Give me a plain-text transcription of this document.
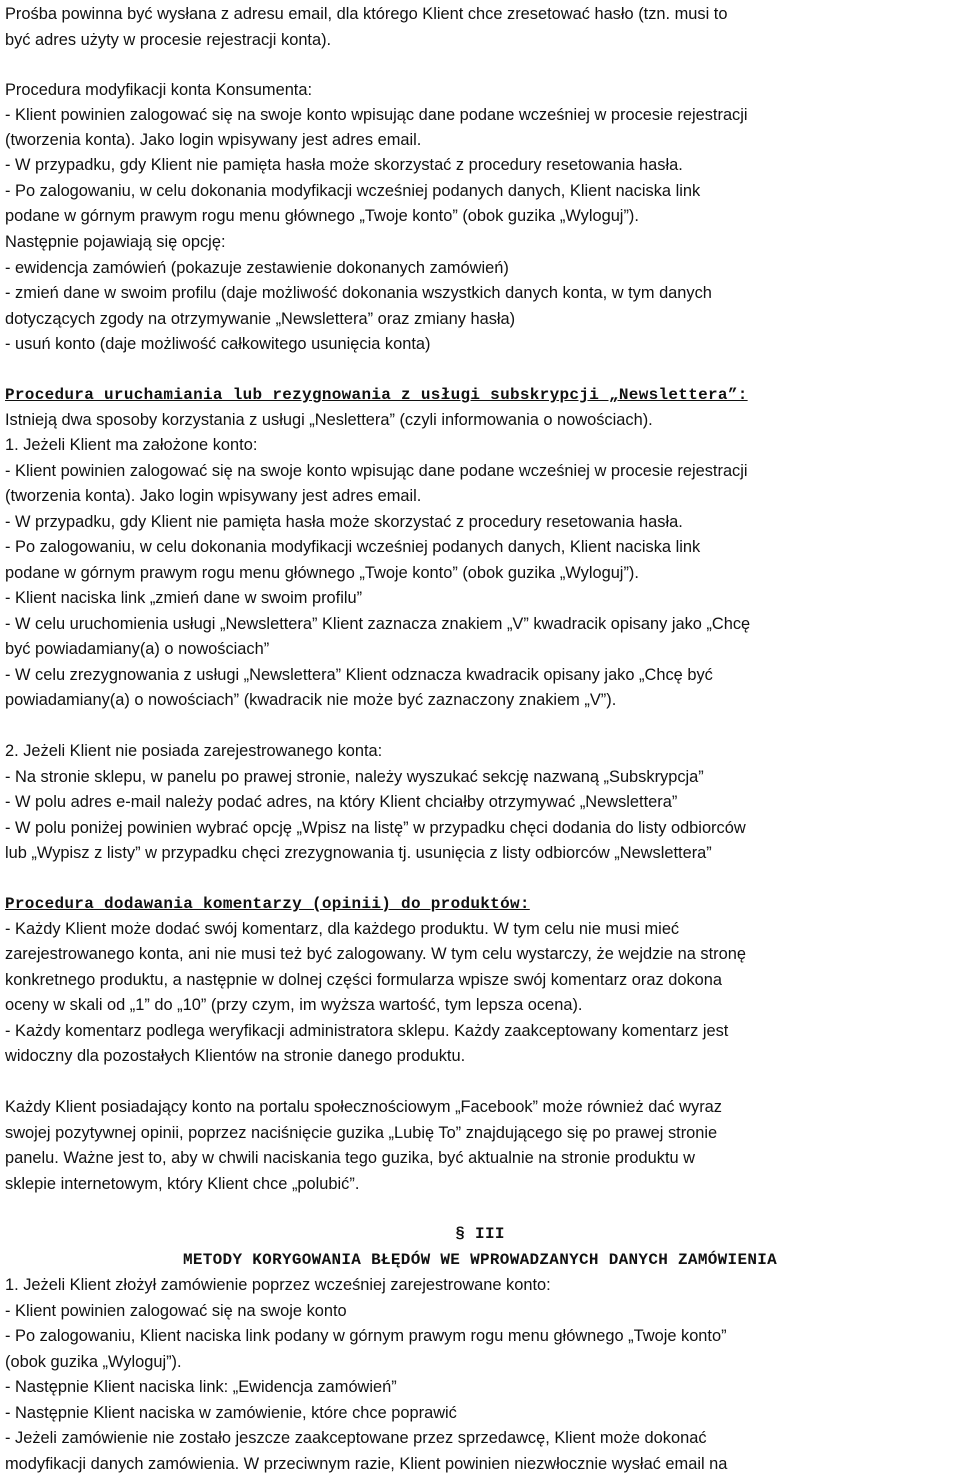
Prośba powinna być wysłana z adresu email, dla którego Klient chce zresetować hasło (tzn. musi to
być adres użyty w procesie rejestracji konta).
Procedura modyfikacji konta Konsumenta:
- Klient powinien zalogować się na swoje konto wpisując dane podane wcześniej w procesie rejestracji
(tworzenia konta). Jako login wpisywany jest adres email.
- W przypadku, gdy Klient nie pamięta hasła może skorzystać z procedury resetowania hasła.
- Po zalogowaniu, w celu dokonania modyfikacji wcześniej podanych danych, Klient naciska link
podane w górnym prawym rogu menu głównego „Twoje konto” (obok guzika „Wyloguj”).
Następnie pojawiają się opcję:
- ewidencja zamówień (pokazuje zestawienie dokonanych zamówień)
- zmień dane w swoim profilu (daje możliwość dokonania wszystkich danych konta, w tym danych
dotyczących zgody na otrzymywanie „Newslettera” oraz zmiany hasła)
- usuń konto (daje możliwość całkowitego usunięcia konta)
Procedura uruchamiania lub rezygnowania z usługi subskrypcji „Newslettera”:
Istnieją dwa sposoby korzystania z usługi „Neslettera” (czyli informowania o nowościach).
1. Jeżeli Klient ma założone konto:
- Klient powinien zalogować się na swoje konto wpisując dane podane wcześniej w procesie rejestracji
(tworzenia konta). Jako login wpisywany jest adres email.
- W przypadku, gdy Klient nie pamięta hasła może skorzystać z procedury resetowania hasła.
- Po zalogowaniu, w celu dokonania modyfikacji wcześniej podanych danych, Klient naciska link
podane w górnym prawym rogu menu głównego „Twoje konto” (obok guzika „Wyloguj”).
- Klient naciska link „zmień dane w swoim profilu”
- W celu uruchomienia usługi „Newslettera” Klient zaznacza znakiem „V” kwadracik opisany jako „Chcę
być powiadamiany(a) o nowościach”
- W celu zrezygnowania z usługi „Newslettera” Klient odznacza kwadracik opisany jako „Chcę być
powiadamiany(a) o nowościach” (kwadracik nie może być zaznaczony znakiem „V”).
2. Jeżeli Klient nie posiada zarejestrowanego konta:
- Na stronie sklepu, w panelu po prawej stronie, należy wyszukać sekcję nazwaną „Subskrypcja”
- W polu adres e-mail należy podać adres, na który Klient chciałby otrzymywać „Newslettera”
- W polu poniżej powinien wybrać opcję „Wpisz na listę” w przypadku chęci dodania do listy odbiorców
lub „Wypisz z listy” w przypadku chęci zrezygnowania tj. usunięcia z listy odbiorców „Newslettera”
Procedura dodawania komentarzy (opinii) do produktów:
- Każdy Klient może dodać swój komentarz, dla każdego produktu. W tym celu nie musi mieć
zarejestrowanego konta, ani nie musi też być zalogowany. W tym celu wystarczy, że wejdzie na stronę
konkretnego produktu, a następnie w dolnej części formularza wpisze swój komentarz oraz dokona
oceny w skali od „1” do „10” (przy czym, im wyższa wartość, tym lepsza ocena).
- Każdy komentarz podlega weryfikacji administratora sklepu. Każdy zaakceptowany komentarz jest
widoczny dla pozostałych Klientów na stronie danego produktu.
Każdy Klient posiadający konto na portalu społecznościowym „Facebook” może również dać wyraz
swojej pozytywnej opinii, poprzez naciśnięcie guzika „Lubię To” znajdującego się po prawej stronie
panelu. Ważne jest to, aby w chwili naciskania tego guzika, być aktualnie na stronie produktu w
sklepie internetowym, który Klient chce „polubić”.
§ III
METODY KORYGOWANIA BŁĘDÓW WE WPROWADZANYCH DANYCH ZAMÓWIENIA
1. Jeżeli Klient złożył zamówienie poprzez wcześniej zarejestrowane konto:
- Klient powinien zalogować się na swoje konto
- Po zalogowaniu, Klient naciska link podany w górnym prawym rogu menu głównego „Twoje konto”
(obok guzika „Wyloguj”).
- Następnie Klient naciska link: „Ewidencja zamówień”
- Następnie Klient naciska w zamówienie, które chce poprawić
- Jeżeli zamówienie nie zostało jeszcze zaakceptowane przez sprzedawcę, Klient może dokonać
modyfikacji danych zamówienia. W przeciwnym razie, Klient powinien niezwłocznie wysłać email na
